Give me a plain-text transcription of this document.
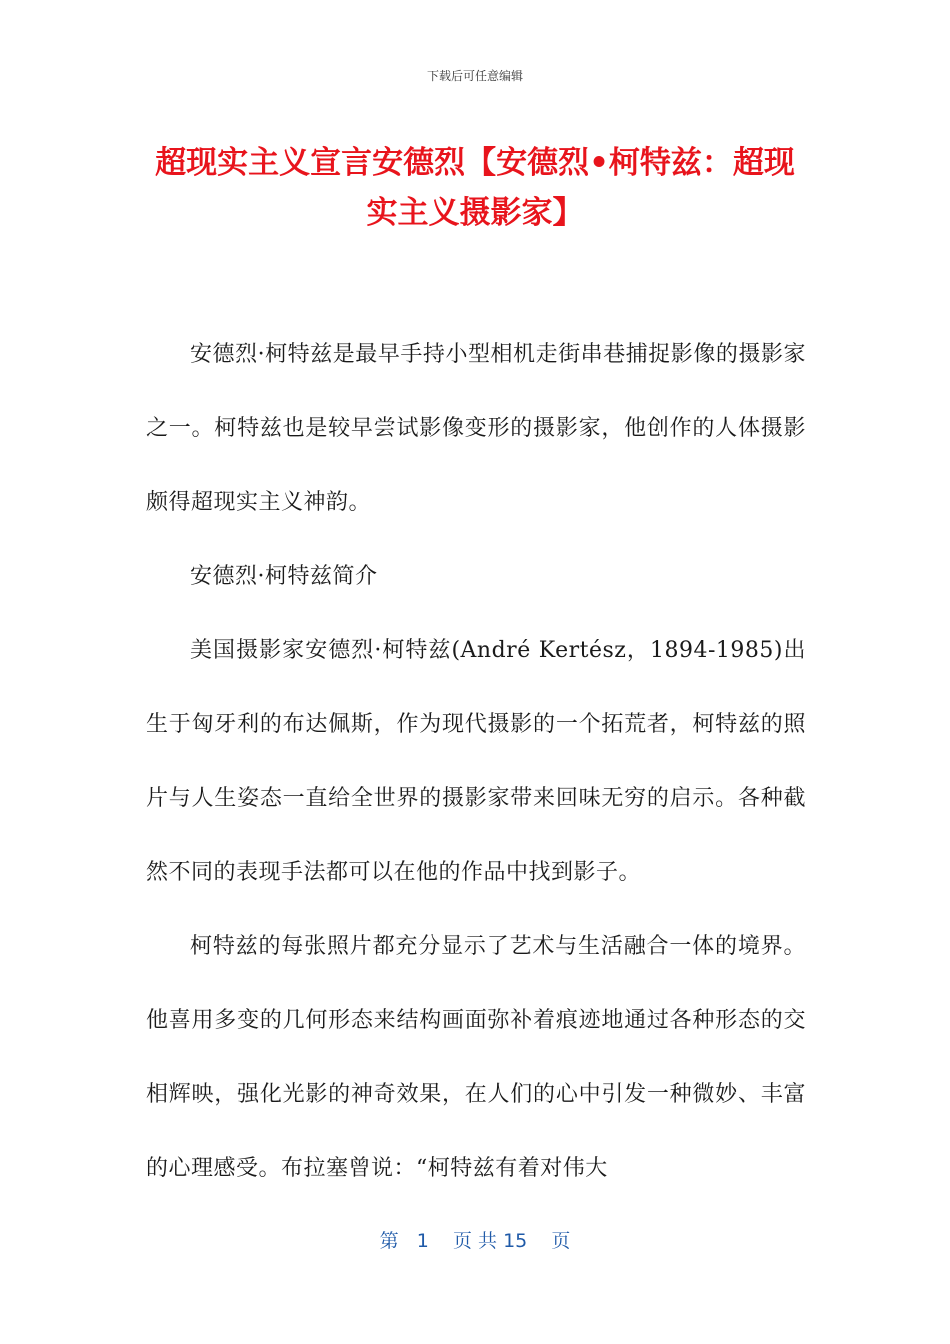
下载后可任意编辑
超现实主义宣言安德烈【安德烈•柯特兹：超现实主义摄影家】

安德烈·柯特兹是最早手持小型相机走街串巷捕捉影像的摄影家之一。柯特兹也是较早尝试影像变形的摄影家，他创作的人体摄影颇得超现实主义神韵。

安德烈·柯特兹简介

美国摄影家安德烈·柯特兹(André Kertész，1894-1985)出生于匈牙利的布达佩斯，作为现代摄影的一个拓荒者，柯特兹的照片与人生姿态一直给全世界的摄影家带来回味无穷的启示。各种截然不同的表现手法都可以在他的作品中找到影子。

柯特兹的每张照片都充分显示了艺术与生活融合一体的境界。他喜用多变的几何形态来结构画面弥补着痕迹地通过各种形态的交相辉映，强化光影的神奇效果，在人们的心中引发一种微妙、丰富的心理感受。布拉塞曾说：“柯特兹有着对伟大

第 1 页 共 15 页
